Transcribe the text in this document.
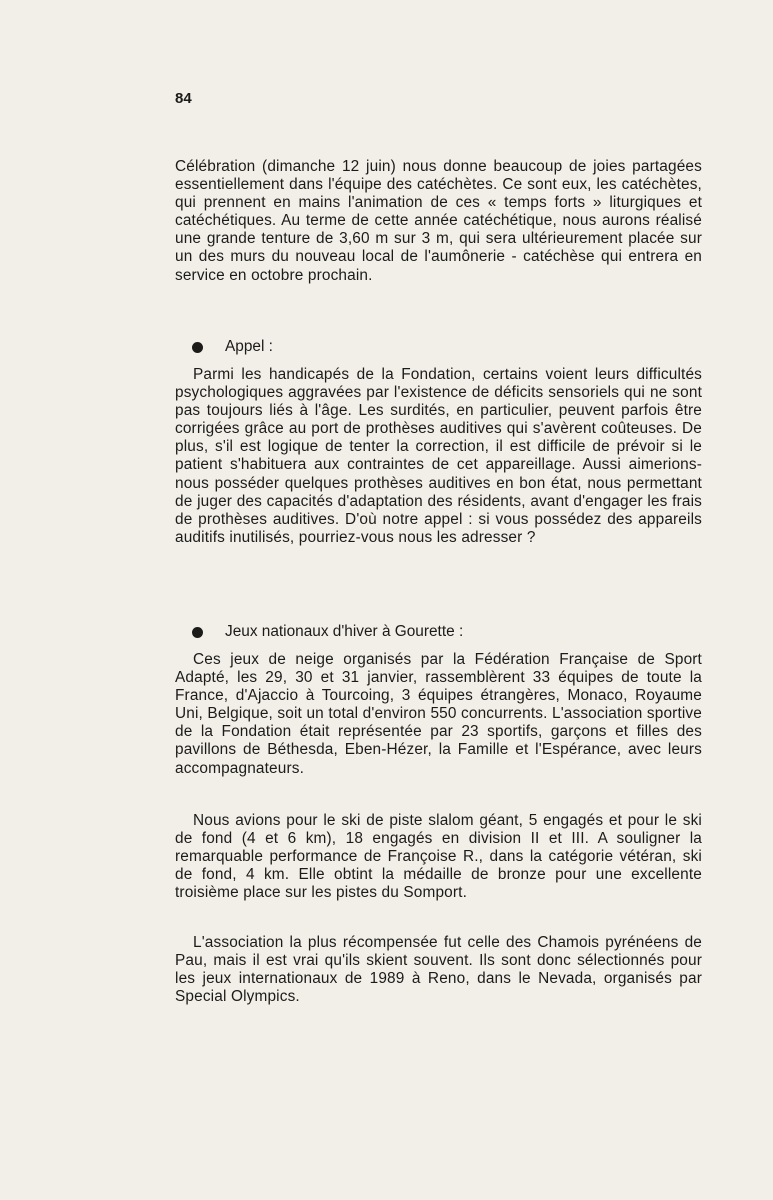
84

Célébration (dimanche 12 juin) nous donne beaucoup de joies partagées essentiellement dans l'équipe des catéchètes. Ce sont eux, les catéchètes, qui prennent en mains l'animation de ces « temps forts » liturgiques et catéchétiques. Au terme de cette année catéchétique, nous aurons réalisé une grande tenture de 3,60 m sur 3 m, qui sera ultérieurement placée sur un des murs du nouveau local de l'aumônerie - catéchèse qui entrera en service en octobre prochain.

Appel :

Parmi les handicapés de la Fondation, certains voient leurs difficultés psychologiques aggravées par l'existence de déficits sensoriels qui ne sont pas toujours liés à l'âge. Les surdités, en particulier, peuvent parfois être corrigées grâce au port de prothèses auditives qui s'avèrent coûteuses. De plus, s'il est logique de tenter la correction, il est difficile de prévoir si le patient s'habituera aux contraintes de cet appareillage. Aussi aimerions-nous posséder quelques prothèses auditives en bon état, nous permettant de juger des capacités d'adaptation des résidents, avant d'engager les frais de prothèses auditives. D'où notre appel : si vous possédez des appareils auditifs inutilisés, pourriez-vous nous les adresser ?

Jeux nationaux d'hiver à Gourette :

Ces jeux de neige organisés par la Fédération Française de Sport Adapté, les 29, 30 et 31 janvier, rassemblèrent 33 équipes de toute la France, d'Ajaccio à Tourcoing, 3 équipes étrangères, Monaco, Royaume Uni, Belgique, soit un total d'environ 550 concurrents. L'association sportive de la Fondation était représentée par 23 sportifs, garçons et filles des pavillons de Béthesda, Eben-Hézer, la Famille et l'Espérance, avec leurs accompagnateurs.

Nous avions pour le ski de piste slalom géant, 5 engagés et pour le ski de fond (4 et 6 km), 18 engagés en division II et III. A souligner la remarquable performance de Françoise R., dans la catégorie vétéran, ski de fond, 4 km. Elle obtint la médaille de bronze pour une excellente troisième place sur les pistes du Somport.

L'association la plus récompensée fut celle des Chamois pyrénéens de Pau, mais il est vrai qu'ils skient souvent. Ils sont donc sélectionnés pour les jeux internationaux de 1989 à Reno, dans le Nevada, organisés par Special Olympics.
